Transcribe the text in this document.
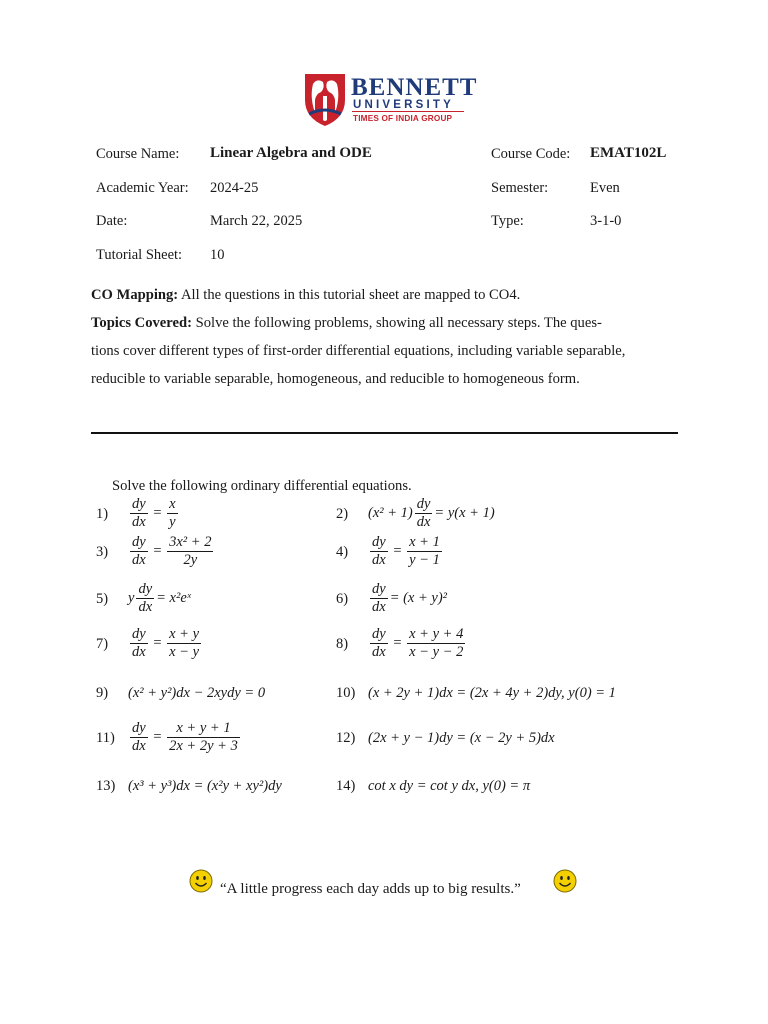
BENNETT
UNIVERSITY
TIMES OF INDIA GROUP
Course Name: Linear Algebra and ODE	Course Code: EMAT102L
Academic Year: 2024-25	Semester:	Even
Date:	March 22, 2025	Type:	3-1-0
Tutorial Sheet: 10
CO Mapping: All the questions in this tutorial sheet are mapped to CO4.
Topics Covered: Solve the following problems, showing all necessary steps. The ques-
tions cover different types of first-order differential equations, including variable separable,
reducible to variable separable, homogeneous, and reducible to homogeneous form.
Solve the following ordinary differential equations.
$1) \frac{dy}{dx} = \frac{x}{y}$	2) $(x^2 + 1) \frac{dy}{dx} = y(x + 1)$
$3) \frac{dy}{dx} = \frac{\text{3x² + 2}}{2y}$	$4) \frac{dy}{dx} = \frac{x + 1}{y - 1}$
5) y $\frac{dy}{dx}$ = x²eˣ	$6) \frac{dy}{dx} = (x + y)^2$
$7) \frac{dy}{dx} = \frac{x + y}{x - y}$	$8) \frac{dy}{dx} = \frac{x + y + 4}{x - y - 2}$
9) (x² + y²)dx − 2xydy = 0	10) (x + 2y + 1)dx = (2x + 4y + 2)dy, y(0) = 1
$11) \frac{dy}{dx} = \frac{x + y + 1}{2x + 2y + 3}$	12) (2x + y − 1)dy = (x − 2y + 5)dx
13) (x³ + y³)dx = (x²y + xy²)dy	14) cot x dy = cot y dx, y(0) = π
“A little progress each day adds up to big results.”
